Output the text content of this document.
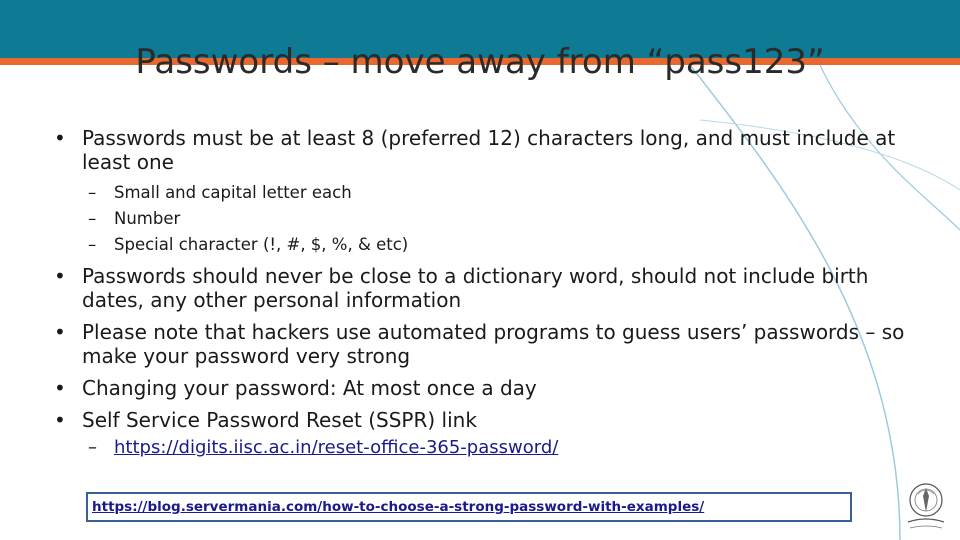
Passwords – move away from “pass123”
• Passwords must be at least 8 (preferred 12) characters long, and must include at least one
– Small and capital letter each
– Number
– Special character (!, #, $, %, & etc)
• Passwords should never be close to a dictionary word, should not include birth dates, any other personal information
• Please note that hackers use automated programs to guess users’ passwords – so make your password very strong
• Changing your password: At most once a day
• Self Service Password Reset (SSPR) link
– https://digits.iisc.ac.in/reset-office-365-password/
https://blog.servermania.com/how-to-choose-a-strong-password-with-examples/
